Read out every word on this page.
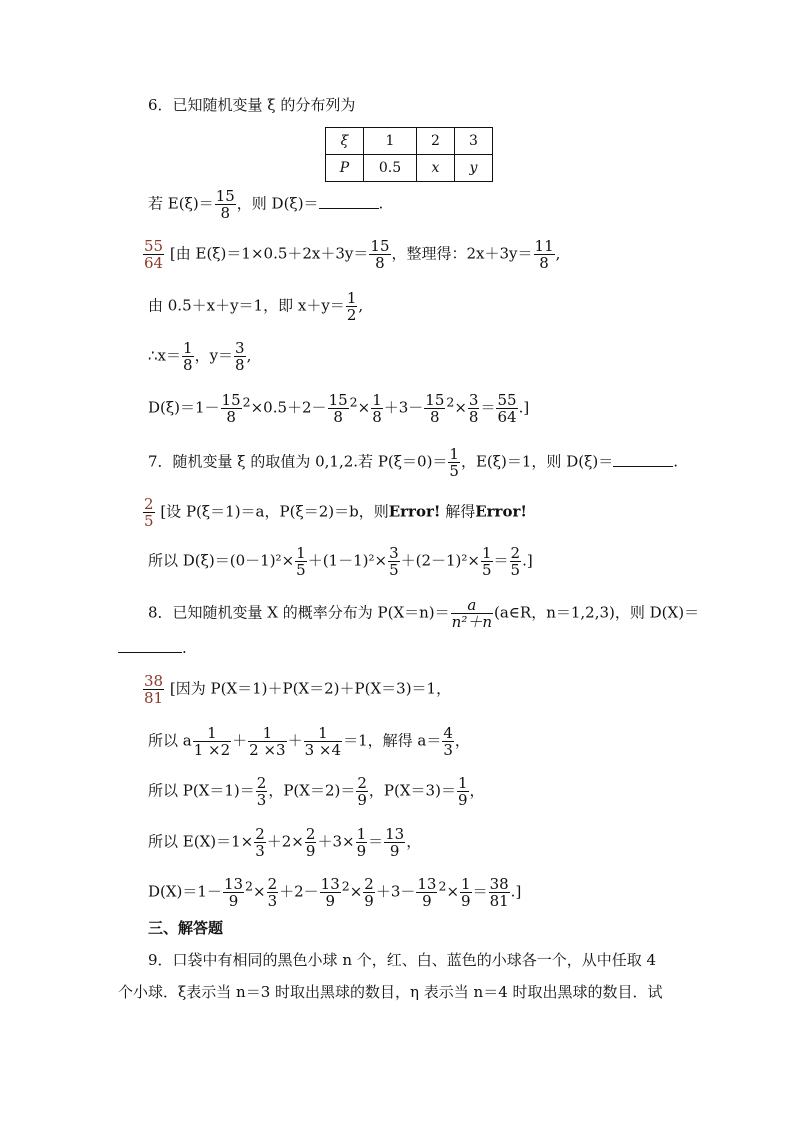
6．已知随机变量 ξ 的分布列为
ξ	1	2	3
P	0.5	x	y
若 $E(\xi)= \frac{15}{8}$ ，则 D(ξ)＝	.
$\frac{55}{64}$ [由 $E(\xi)=1\times 0.5+2x+3y= \frac{15}{8}$ ，整理得：$2x+3y= \frac{11}{8}$ ,
由 0.5＋x＋y＝1，即 $x+y= \frac{1}{2}$ ,
∴x＝ $\frac{1}{8}$ ，$y= \frac{3}{8}$ ,
$D(\xi)=1- \frac{15}{8} ^2\times 0.5+2- \frac{15}{8} ^2\times \frac{1}{8} +3- \frac{15}{8} ^2\times \frac{3}{8} = \frac{55}{64}$ .]
7．随机变量 ξ 的取值为 0,1,2.若 $P(\xi=0)= \frac{1}{5}$ ，E(ξ)＝1，则 D(ξ)＝	.
$\frac{2}{5}$ [设 P(ξ＝1)＝a，P(ξ＝2)＝b，则Error! 解得Error!
所以 $D(\xi)=(0-1)^2\times \frac{1}{5} +(1-1)^2\times \frac{3}{5} +(2-1)^2\times \frac{1}{5} = \frac{2}{5}$ .]
8．已知随机变量 X 的概率分布为 $P(X=n)= \frac{a}{\text{n²＋n}}$ (a∈R，n＝1,2,3)，则 D(X)＝
.
$\frac{38}{81}$ [因为 P(X＝1)＋P(X＝2)＋P(X＝3)＝1，
所以 a $\frac{1}{1 \times 2} + \frac{1}{2 \times 3} + \frac{1}{3 \times 4} =1$，解得 $a= \frac{4}{3}$ ，
所以 $P(X=1)= \frac{2}{3}$ ，$P(X=2)= \frac{2}{9}$ ，$P(X=3)= \frac{1}{9}$ ，
所以 $E(X)=1\times \frac{2}{3} +2\times \frac{2}{9} +3\times \frac{1}{9} = \frac{13}{9}$ ，
$D(X)=1- \frac{13}{9} ^2\times \frac{2}{3} +2- \frac{13}{9} ^2\times \frac{2}{9} +3- \frac{13}{9} ^2\times \frac{1}{9} = \frac{38}{81}$ .]
三、解答题
9．口袋中有相同的黑色小球 n 个，红、白、蓝色的小球各一个，从中任取 4
个小球．ξ表示当 n＝3 时取出黑球的数目，η 表示当 n＝4 时取出黑球的数目．试
